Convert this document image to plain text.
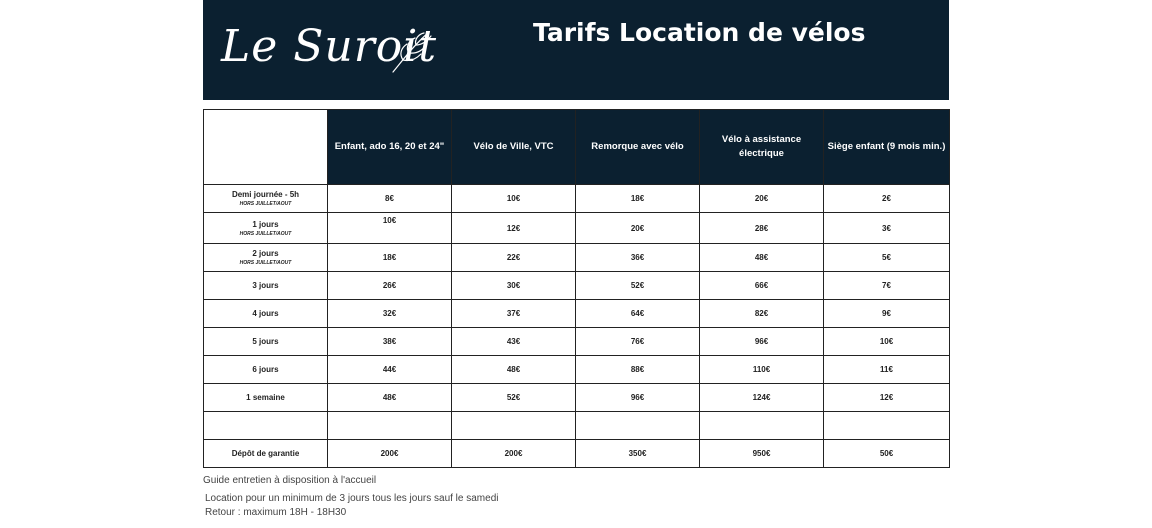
Le Suroit	Tarifs Location de vélos
	Enfant, ado 16, 20 et 24"	Vélo de Ville, VTC	Remorque avec vélo	Vélo à assistance électrique	Siège enfant (9 mois min.)
Demi journée - 5h
HORS JUILLET/AOUT	8€	10€	18€	20€	2€
1 jours
HORS JUILLET/AOUT	10€	12€	20€	28€	3€
2 jours
HORS JUILLET/AOUT	18€	22€	36€	48€	5€
3 jours	26€	30€	52€	66€	7€
4 jours	32€	37€	64€	82€	9€
5 jours	38€	43€	76€	96€	10€
6 jours	44€	48€	88€	110€	11€
1 semaine	48€	52€	96€	124€	12€

Dépôt de garantie	200€	200€	350€	950€	50€
Guide entretien à disposition à l'accueil
Location pour un minimum de 3 jours tous les jours sauf le samedi
Retour : maximum 18H - 18H30
